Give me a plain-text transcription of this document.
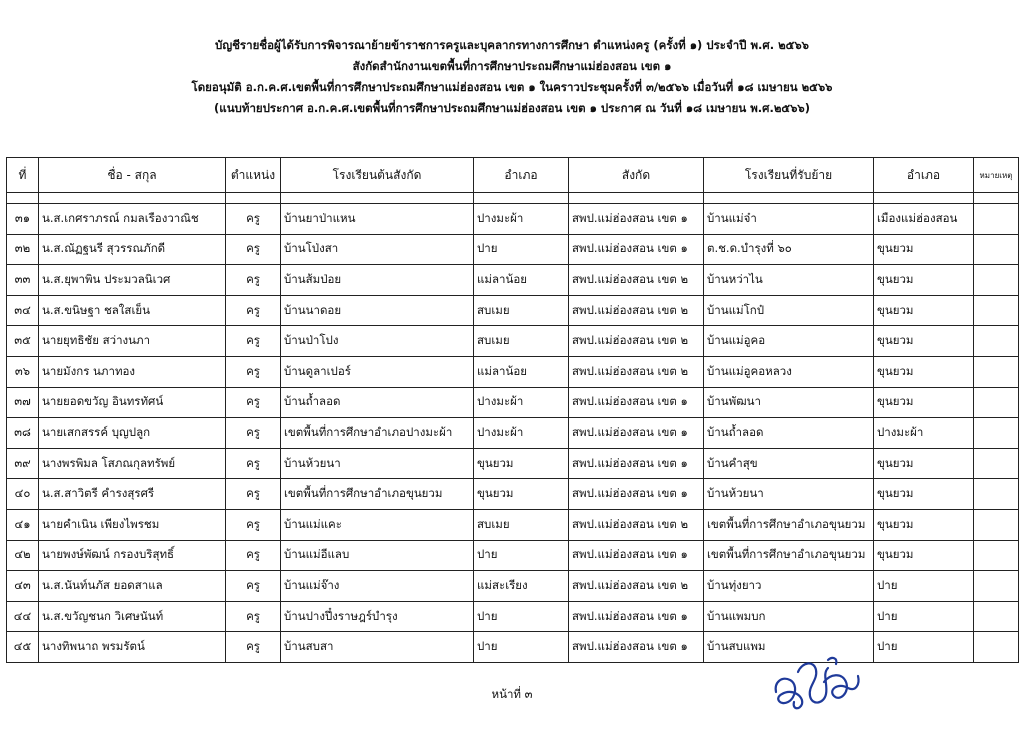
บัญชีรายชื่อผู้ได้รับการพิจารณาย้ายข้าราชการครูและบุคลากรทางการศึกษา ตำแหน่งครู (ครั้งที่ ๑) ประจำปี พ.ศ. ๒๕๖๖
สังกัดสำนักงานเขตพื้นที่การศึกษาประถมศึกษาแม่ฮ่องสอน เขต ๑
โดยอนุมัติ อ.ก.ค.ศ.เขตพื้นที่การศึกษาประถมศึกษาแม่ฮ่องสอน เขต ๑ ในคราวประชุมครั้งที่ ๓/๒๕๖๖ เมื่อวันที่ ๑๘ เมษายน ๒๕๖๖
(แนบท้ายประกาศ อ.ก.ค.ศ.เขตพื้นที่การศึกษาประถมศึกษาแม่ฮ่องสอน เขต ๑ ประกาศ ณ วันที่ ๑๘ เมษายน พ.ศ.๒๕๖๖)
ที่	ชื่อ - สกุล	ตำแหน่ง	โรงเรียนต้นสังกัด	อำเภอ	สังกัด	โรงเรียนที่รับย้าย	อำเภอ	หมายเหตุ

๓๑	น.ส.เกศราภรณ์ กมลเรืองวาณิช	ครู	บ้านยาป่าแหน	ปางมะผ้า	สพป.แม่ฮ่องสอน เขต ๑	บ้านแม่จ๋า	เมืองแม่ฮ่องสอน	
๓๒	น.ส.ณัฏฐนรี สุวรรณภักดี	ครู	บ้านโป่งสา	ปาย	สพป.แม่ฮ่องสอน เขต ๑	ต.ช.ด.บำรุงที่ ๖๐	ขุนยวม	
๓๓	น.ส.ยุพาพิน ประมวลนิเวศ	ครู	บ้านส้มป่อย	แม่ลาน้อย	สพป.แม่ฮ่องสอน เขต ๒	บ้านหว่าไน	ขุนยวม	
๓๔	น.ส.ขนิษฐา ชลใสเย็น	ครู	บ้านนาดอย	สบเมย	สพป.แม่ฮ่องสอน เขต ๒	บ้านแม่โกป๋	ขุนยวม	
๓๕	นายยุทธิชัย สว่างนภา	ครู	บ้านป่าโปง	สบเมย	สพป.แม่ฮ่องสอน เขต ๒	บ้านแม่อูคอ	ขุนยวม	
๓๖	นายมังกร นภาทอง	ครู	บ้านดูลาเปอร์	แม่ลาน้อย	สพป.แม่ฮ่องสอน เขต ๒	บ้านแม่อูคอหลวง	ขุนยวม	
๓๗	นายยอดขวัญ อินทรทัศน์	ครู	บ้านถ้ำลอด	ปางมะผ้า	สพป.แม่ฮ่องสอน เขต ๑	บ้านพัฒนา	ขุนยวม	
๓๘	นายเสกสรรค์ บุญปลูก	ครู	เขตพื้นที่การศึกษาอำเภอปางมะผ้า	ปางมะผ้า	สพป.แม่ฮ่องสอน เขต ๑	บ้านถ้ำลอด	ปางมะผ้า	
๓๙	นางพรพิมล โสภณกุลทรัพย์	ครู	บ้านห้วยนา	ขุนยวม	สพป.แม่ฮ่องสอน เขต ๑	บ้านคำสุข	ขุนยวม	
๔๐	น.ส.สาวิตรี คำรงสุรศรี	ครู	เขตพื้นที่การศึกษาอำเภอขุนยวม	ขุนยวม	สพป.แม่ฮ่องสอน เขต ๑	บ้านห้วยนา	ขุนยวม	
๔๑	นายคำเนิน เพียงไพรชม	ครู	บ้านแม่แคะ	สบเมย	สพป.แม่ฮ่องสอน เขต ๒	เขตพื้นที่การศึกษาอำเภอขุนยวม	ขุนยวม	
๔๒	นายพงษ์พัฒน์ กรองบริสุทธิ์	ครู	บ้านแม่อีแลบ	ปาย	สพป.แม่ฮ่องสอน เขต ๑	เขตพื้นที่การศึกษาอำเภอขุนยวม	ขุนยวม	
๔๓	น.ส.นันท์นภัส ยอดสาแล	ครู	บ้านแม่จ๊าง	แม่สะเรียง	สพป.แม่ฮ่องสอน เขต ๒	บ้านทุ่งยาว	ปาย	
๔๔	น.ส.ขวัญชนก วิเศษนันท์	ครู	บ้านปางปึ๋งราษฎร์บำรุง	ปาย	สพป.แม่ฮ่องสอน เขต ๑	บ้านแพมบก	ปาย	
๔๕	นางทิพนาถ พรมรัตน์	ครู	บ้านสบสา	ปาย	สพป.แม่ฮ่องสอน เขต ๑	บ้านสบแพม	ปาย	
หน้าที่ ๓
